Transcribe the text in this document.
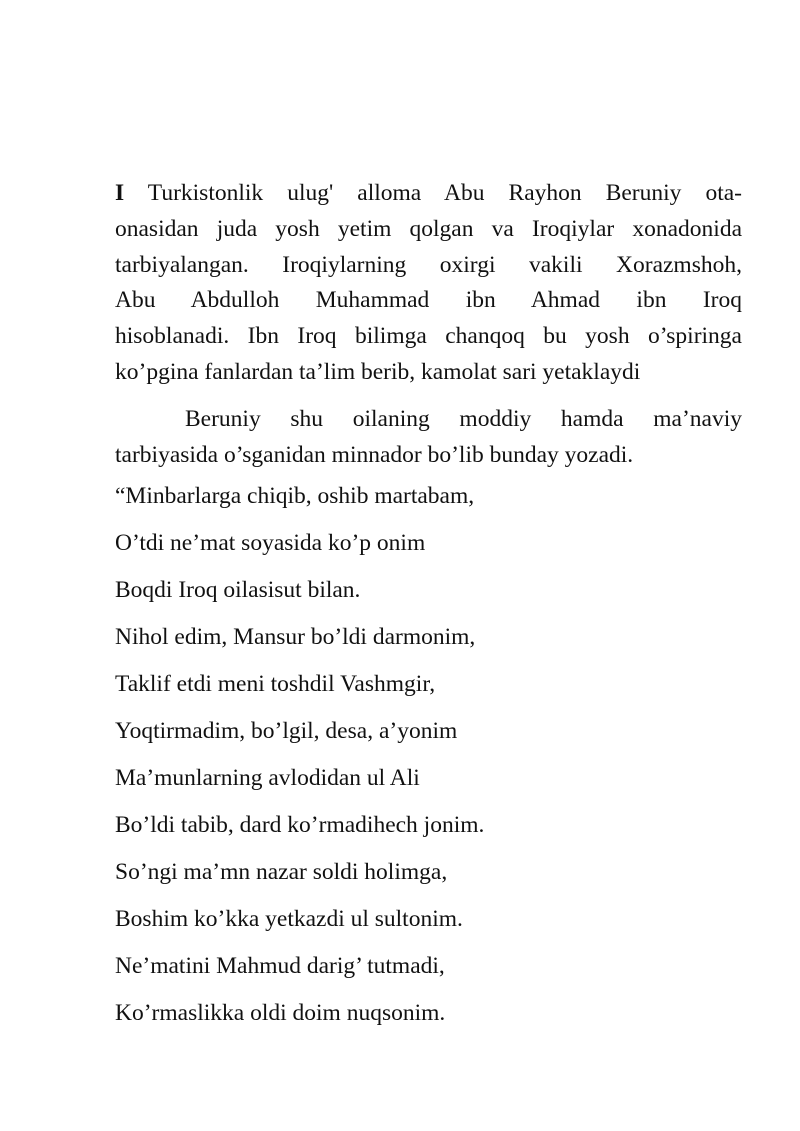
I Turkistonlik ulug' alloma Abu Rayhon Beruniy ota-
onasidan juda yosh yetim qolgan va Iroqiylar xonadonida
tarbiyalangan. Iroqiylarning oxirgi vakili Xorazmshoh,
Abu Abdulloh Muhammad ibn Ahmad ibn Iroq
hisoblanadi. Ibn Iroq bilimga chanqoq bu yosh o’spiringa
ko’pgina fanlardan ta’lim berib, kamolat sari yetaklaydi

Beruniy shu oilaning moddiy hamda ma’naviy
tarbiyasida o’sganidan minnador bo’lib bunday yozadi.

“Minbarlarga chiqib, oshib martabam,
O’tdi ne’mat soyasida ko’p onim
Boqdi Iroq oilasisut bilan.
Nihol edim, Mansur bo’ldi darmonim,
Taklif etdi meni toshdil Vashmgir,
Yoqtirmadim, bo’lgil, desa, a’yonim
Ma’munlarning avlodidan ul Ali
Bo’ldi tabib, dard ko’rmadihech jonim.
So’ngi ma’mn nazar soldi holimga,
Boshim ko’kka yetkazdi ul sultonim.
Ne’matini Mahmud darig’ tutmadi,
Ko’rmaslikka oldi doim nuqsonim.
